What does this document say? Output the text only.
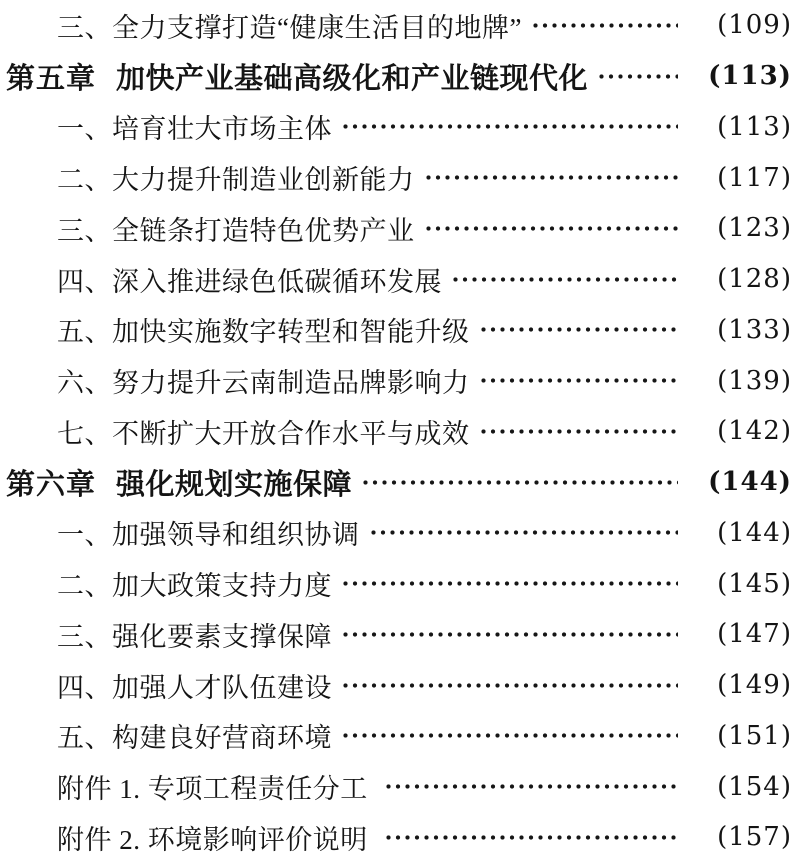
三、全力支撑打造“健康生活目的地牌”	(109)
第五章 加快产业基础高级化和产业链现代化	(113)
一、培育壮大市场主体	(113)
二、大力提升制造业创新能力	(117)
三、全链条打造特色优势产业	(123)
四、深入推进绿色低碳循环发展	(128)
五、加快实施数字转型和智能升级	(133)
六、努力提升云南制造品牌影响力	(139)
七、不断扩大开放合作水平与成效	(142)
第六章 强化规划实施保障	(144)
一、加强领导和组织协调	(144)
二、加大政策支持力度	(145)
三、强化要素支撑保障	(147)
四、加强人才队伍建设	(149)
五、构建良好营商环境	(151)
附件 1. 专项工程责任分工	(154)
附件 2. 环境影响评价说明	(157)
